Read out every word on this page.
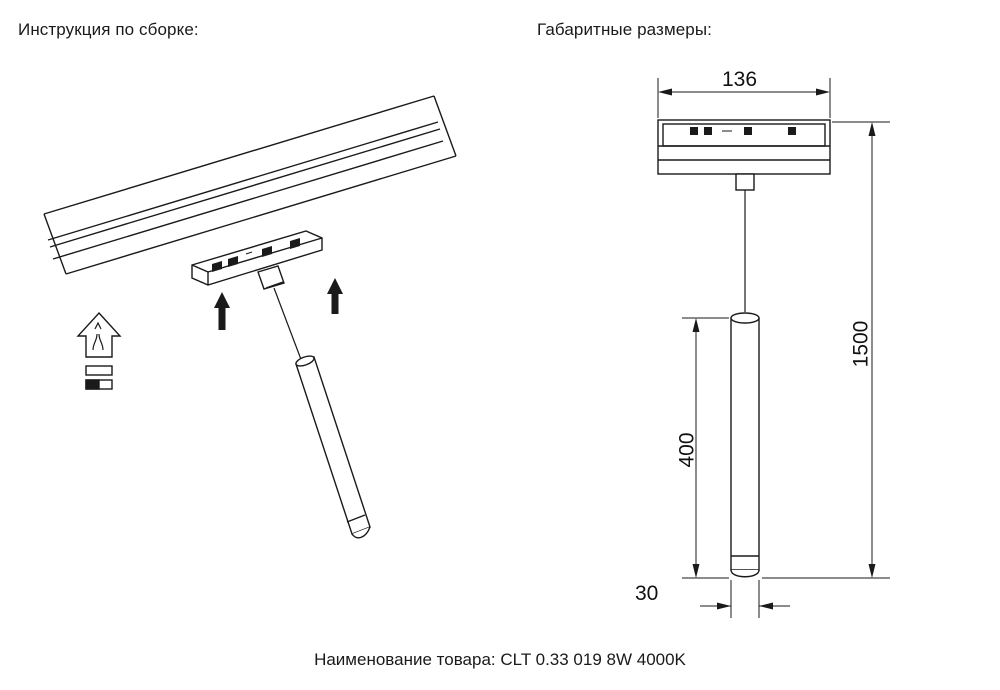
Инструкция по сборке:	Габаритные размеры:
136
1500
400
30
Наименование товара: CLT 0.33 019 8W 4000K
